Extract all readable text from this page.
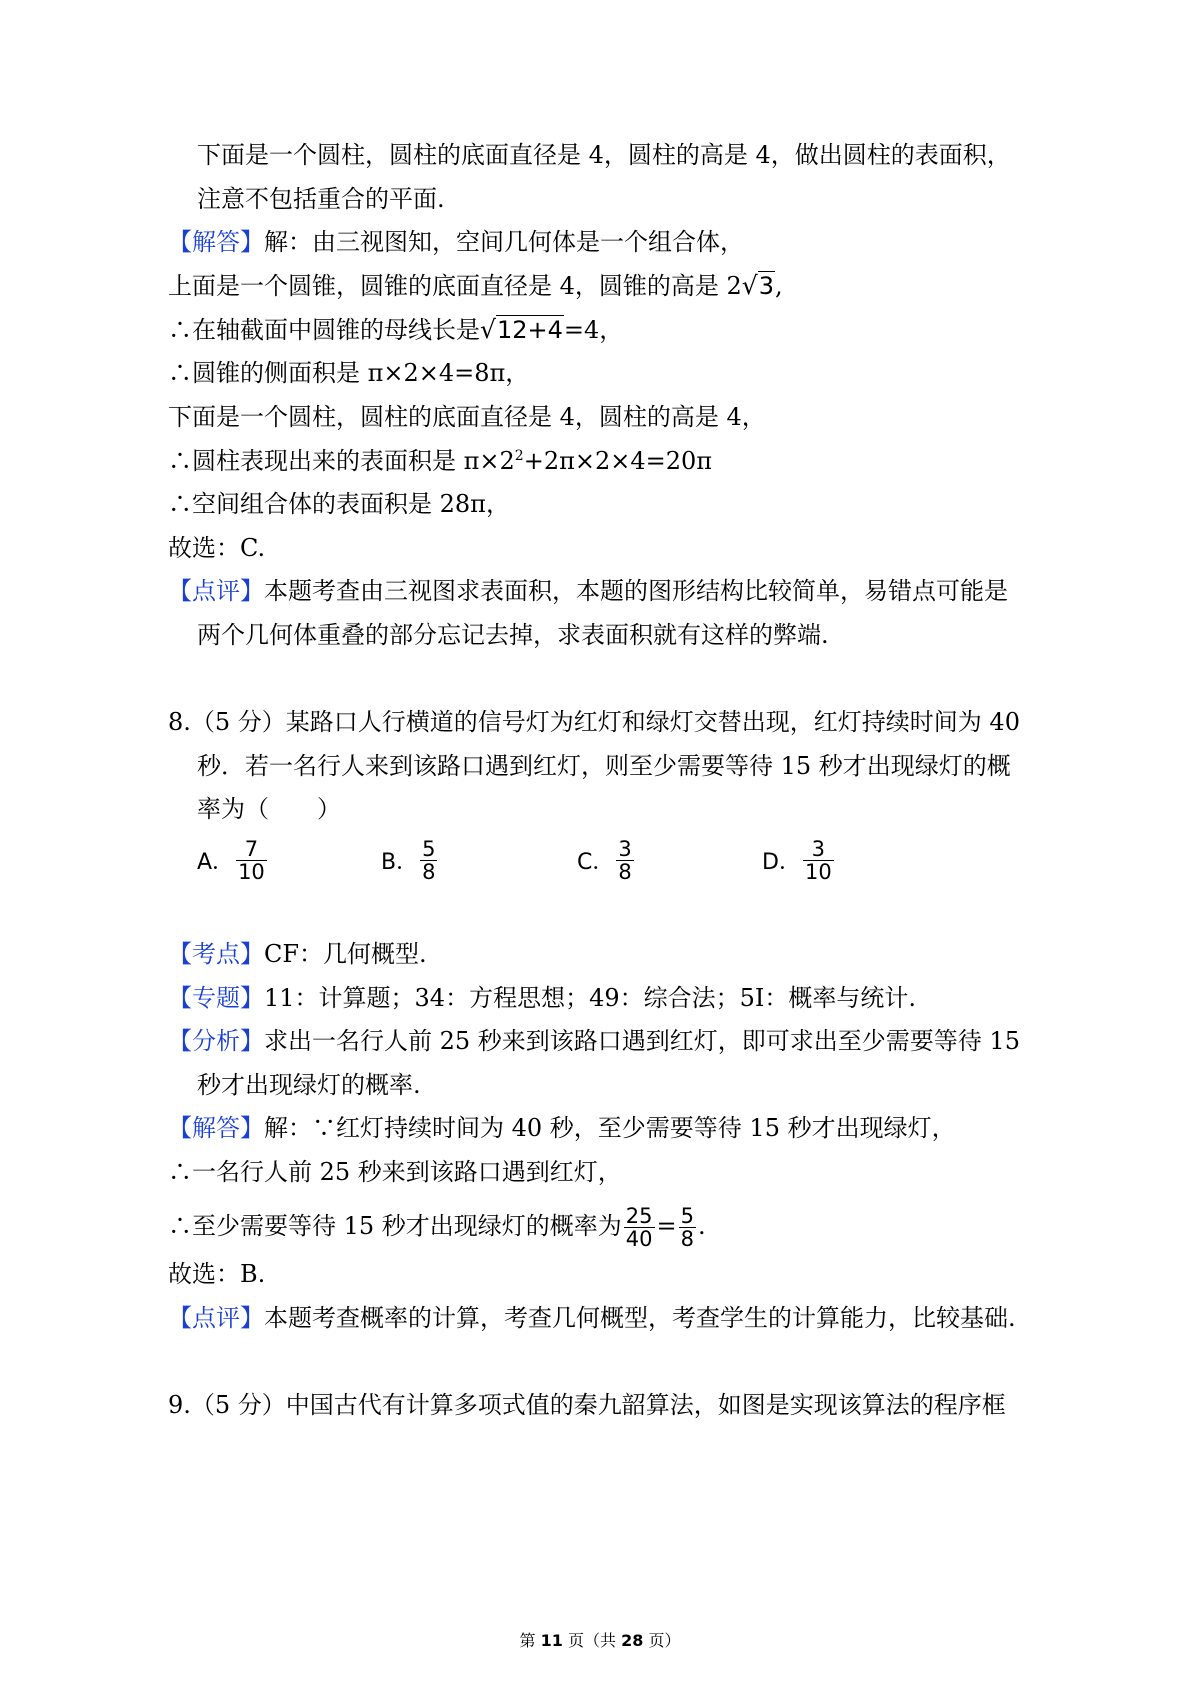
下面是一个圆柱，圆柱的底面直径是 4，圆柱的高是 4，做出圆柱的表面积，
注意不包括重合的平面.
【解答】解：由三视图知，空间几何体是一个组合体，
上面是一个圆锥，圆锥的底面直径是 4，圆锥的高是 2√3,
∴在轴截面中圆锥的母线长是√12+4=4，
∴圆锥的侧面积是 π×2×4=8π，
下面是一个圆柱，圆柱的底面直径是 4，圆柱的高是 4，
∴圆柱表现出来的表面积是 $\pi\times 2^2+2\pi\times 2\times 4=20\pi$
∴空间组合体的表面积是 28π，
故选：C.
【点评】本题考查由三视图求表面积，本题的图形结构比较简单，易错点可能是
两个几何体重叠的部分忘记去掉，求表面积就有这样的弊端.
8.（5 分）某路口人行横道的信号灯为红灯和绿灯交替出现，红灯持续时间为 40
秒．若一名行人来到该路口遇到红灯，则至少需要等待 15 秒才出现绿灯的概
率为（　　）
A． $\frac{7}{10}$	B． $\frac{5}{8}$	C． $\frac{3}{8}$	D． $\frac{3}{10}$
【考点】CF：几何概型.
【专题】11：计算题；34：方程思想；49：综合法；5I：概率与统计.
【分析】求出一名行人前 25 秒来到该路口遇到红灯，即可求出至少需要等待 15
秒才出现绿灯的概率.
【解答】解：∵红灯持续时间为 40 秒，至少需要等待 15 秒才出现绿灯，
∴一名行人前 25 秒来到该路口遇到红灯，
∴至少需要等待 15 秒才出现绿灯的概率为 $\frac{25}{40} = \frac{5}{8}$ .
故选：B.
【点评】本题考查概率的计算，考查几何概型，考查学生的计算能力，比较基础.
9.（5 分）中国古代有计算多项式值的秦九韶算法，如图是实现该算法的程序框
第 11 页（共 28 页）
